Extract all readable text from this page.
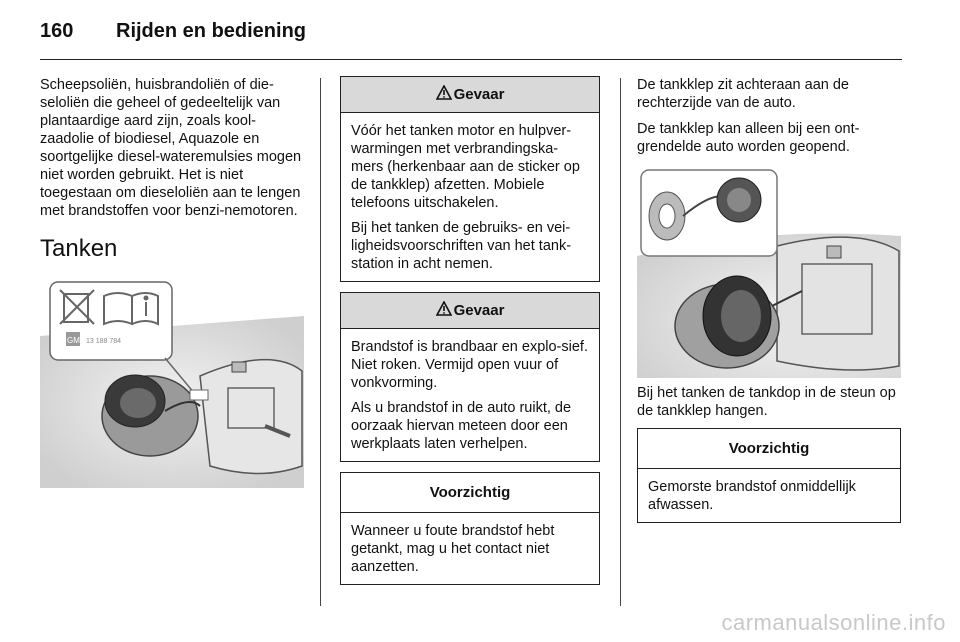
160	Rijden en bediening

Scheepsoliën, huisbrandoliën of die-seloliën die geheel of gedeeltelijk van plantaardige aard zijn, zoals kool-zaadolie of biodiesel, Aquazole en soortgelijke diesel-wateremulsies mogen niet worden gebruikt. Het is niet toegestaan om dieseloliën aan te lengen met brandstoffen voor benzi-nemotoren.

Tanken
GM 13 188 784
Gevaar

Vóór het tanken motor en hulpver-warmingen met verbrandingska-mers (herkenbaar aan de sticker op de tankklep) afzetten. Mobiele telefoons uitschakelen.

Bij het tanken de gebruiks- en vei-ligheidsvoorschriften van het tank-station in acht nemen.

Gevaar

Brandstof is brandbaar en explo-sief. Niet roken. Vermijd open vuur of vonkvorming.

Als u brandstof in de auto ruikt, de oorzaak hiervan meteen door een werkplaats laten verhelpen.

Voorzichtig

Wanneer u foute brandstof hebt getankt, mag u het contact niet aanzetten.

De tankklep zit achteraan aan de rechterzijde van de auto.

De tankklep kan alleen bij een ont-grendelde auto worden geopend.

Bij het tanken de tankdop in de steun op de tankklep hangen.

Voorzichtig

Gemorste brandstof onmiddellijk afwassen.

carmanualsonline.info
